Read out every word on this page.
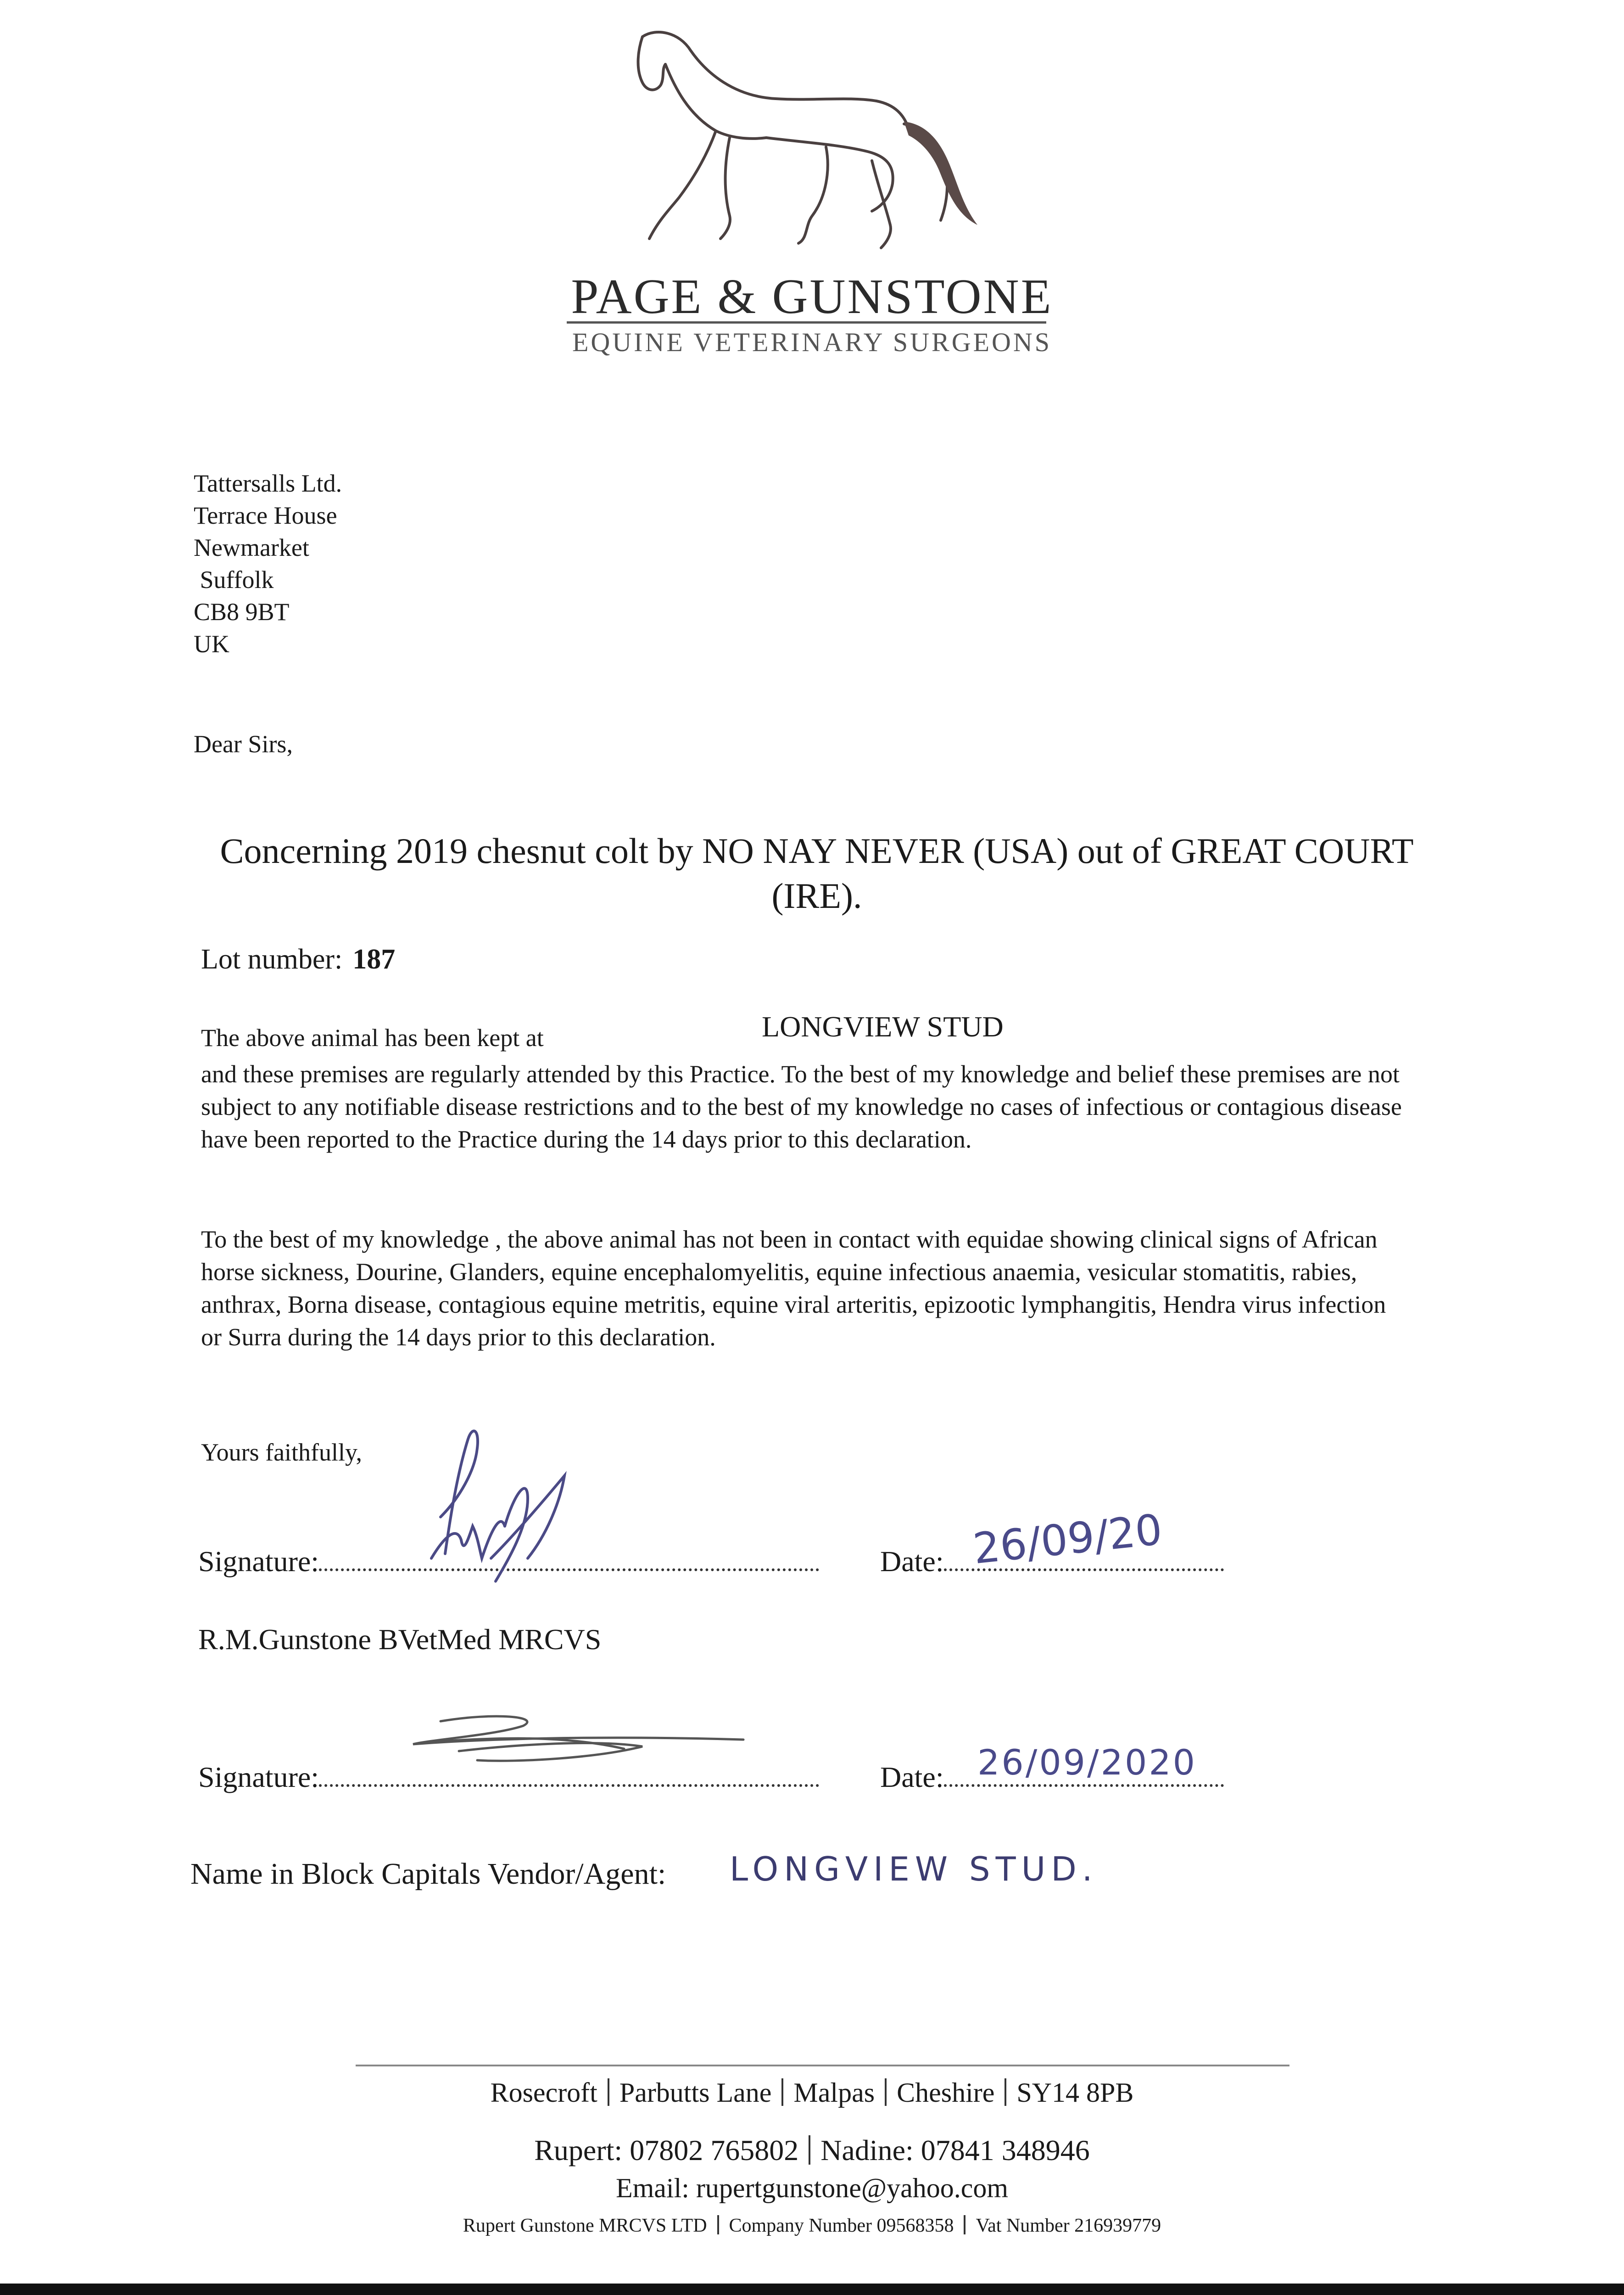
PAGE & GUNSTONE
EQUINE VETERINARY SURGEONS
Tattersalls Ltd.
Terrace House
Newmarket
Suffolk
CB8 9BT
UK
Dear Sirs,
Concerning 2019 chesnut colt by NO NAY NEVER (USA) out of GREAT COURT (IRE).
Lot number: 187
The above animal has been kept at	LONGVIEW STUD
and these premises are regularly attended by this Practice. To the best of my knowledge and belief these premises are not subject to any notifiable disease restrictions and to the best of my knowledge no cases of infectious or contagious disease have been reported to the Practice during the 14 days prior to this declaration.
To the best of my knowledge , the above animal has not been in contact with equidae showing clinical signs of African horse sickness, Dourine, Glanders, equine encephalomyelitis, equine infectious anaemia, vesicular stomatitis, rabies, anthrax, Borna disease, contagious equine metritis, equine viral arteritis, epizootic lymphangitis, Hendra virus infection or Surra during the 14 days prior to this declaration.
Yours faithfully,
Signature:	Date: 26/09/20
R.M.Gunstone BVetMed MRCVS
Signature:	Date: 26/09/2020
Name in Block Capitals Vendor/Agent: LONGVIEW STUD.
Rosecroft Parbutts Lane Malpas Cheshire SY14 8PB
Rupert: 07802 765802 Nadine: 07841 348946
Email: rupertgunstone@yahoo.com
Rupert Gunstone MRCVS LTD Company Number 09568358 Vat Number 216939779
